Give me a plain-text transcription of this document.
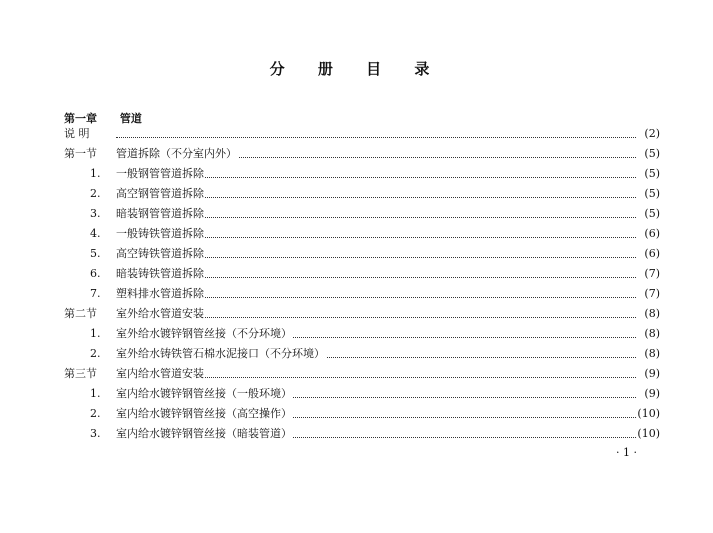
分 册 目 录
第一章 管道
说 明	(2)
第一节 管道拆除（不分室内外）	(5)
1. 一般钢管管道拆除	(5)
2. 高空钢管管道拆除	(5)
3. 暗装钢管管道拆除	(5)
4. 一般铸铁管道拆除	(6)
5. 高空铸铁管道拆除	(6)
6. 暗装铸铁管道拆除	(7)
7. 塑料排水管道拆除	(7)
第二节 室外给水管道安装	(8)
1. 室外给水镀锌钢管丝接（不分环境）	(8)
2. 室外给水铸铁管石棉水泥接口（不分环境）	(8)
第三节 室内给水管道安装	(9)
1. 室内给水镀锌钢管丝接（一般环境）	(9)
2. 室内给水镀锌钢管丝接（高空操作）	(10)
3. 室内给水镀锌钢管丝接（暗装管道）	(10)
· 1 ·
